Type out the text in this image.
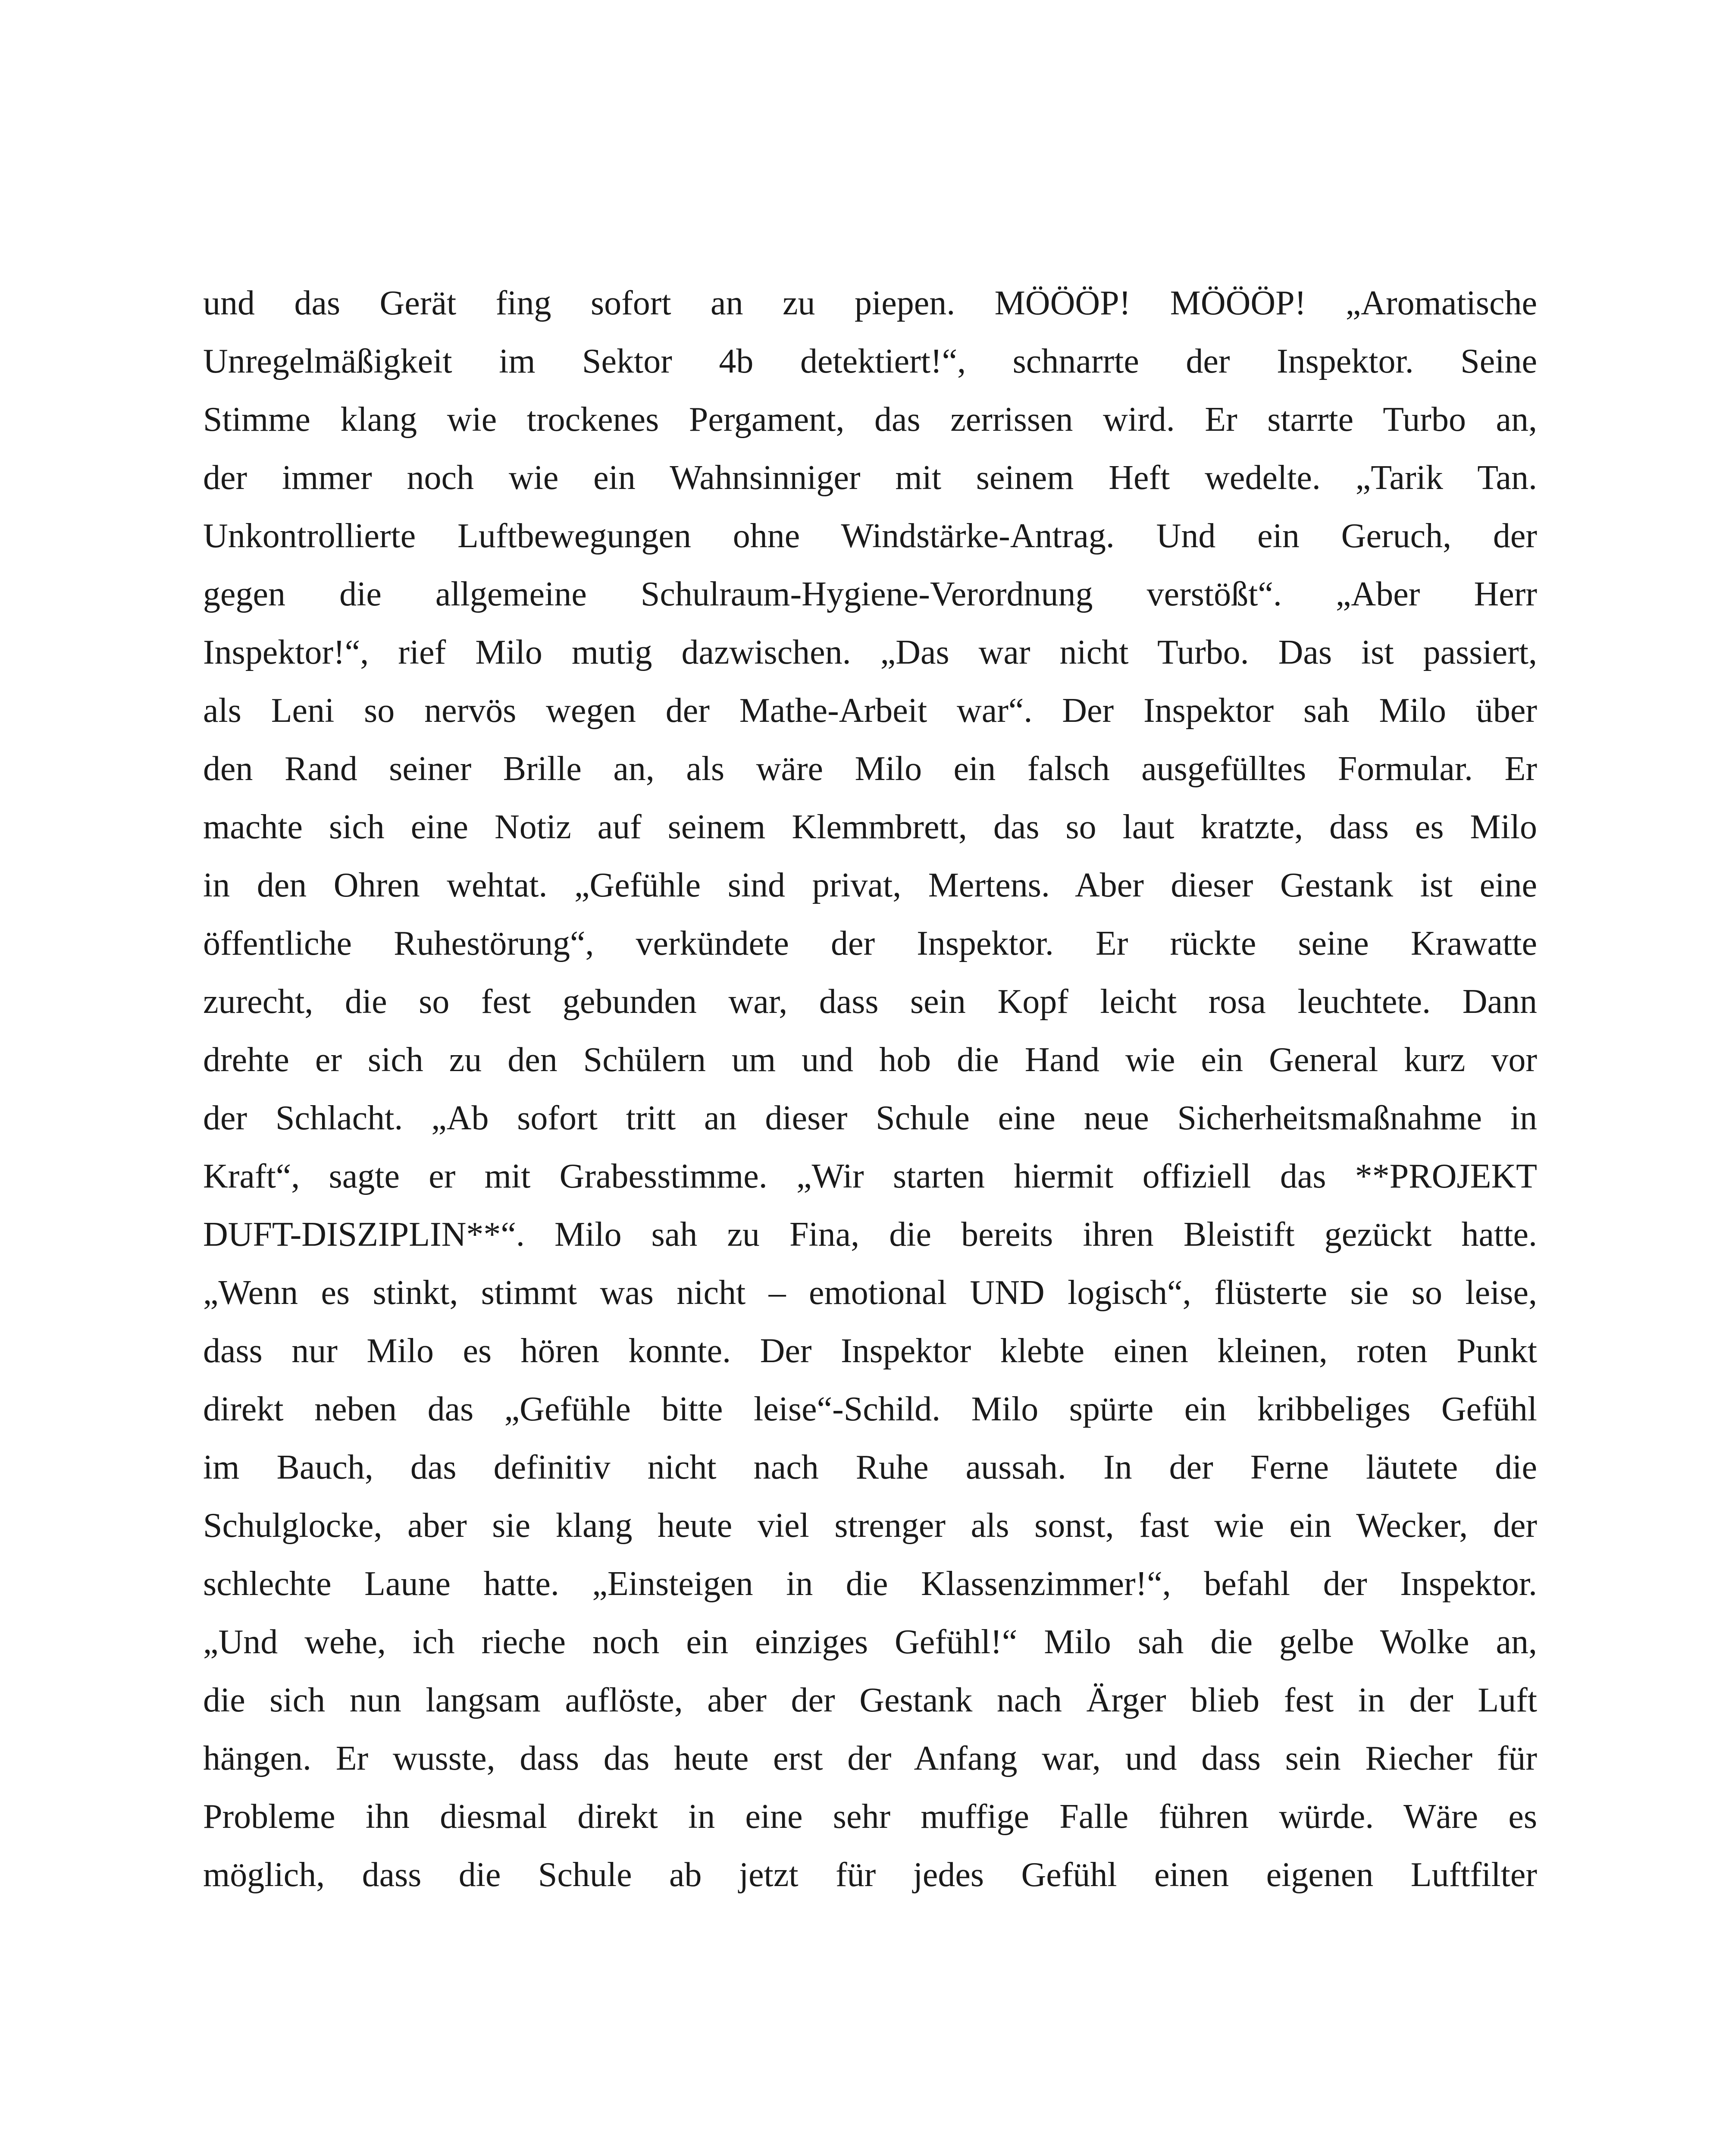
und das Gerät fing sofort an zu piepen. MÖÖÖP! MÖÖÖP! „Aromatische
Unregelmäßigkeit im Sektor 4b detektiert!“, schnarrte der Inspektor. Seine
Stimme klang wie trockenes Pergament, das zerrissen wird. Er starrte Turbo an,
der immer noch wie ein Wahnsinniger mit seinem Heft wedelte. „Tarik Tan.
Unkontrollierte Luftbewegungen ohne Windstärke-Antrag. Und ein Geruch, der
gegen die allgemeine Schulraum-Hygiene-Verordnung verstößt“. „Aber Herr
Inspektor!“, rief Milo mutig dazwischen. „Das war nicht Turbo. Das ist passiert,
als Leni so nervös wegen der Mathe-Arbeit war“. Der Inspektor sah Milo über
den Rand seiner Brille an, als wäre Milo ein falsch ausgefülltes Formular. Er
machte sich eine Notiz auf seinem Klemmbrett, das so laut kratzte, dass es Milo
in den Ohren wehtat. „Gefühle sind privat, Mertens. Aber dieser Gestank ist eine
öffentliche Ruhestörung“, verkündete der Inspektor. Er rückte seine Krawatte
zurecht, die so fest gebunden war, dass sein Kopf leicht rosa leuchtete. Dann
drehte er sich zu den Schülern um und hob die Hand wie ein General kurz vor
der Schlacht. „Ab sofort tritt an dieser Schule eine neue Sicherheitsmaßnahme in
Kraft“, sagte er mit Grabesstimme. „Wir starten hiermit offiziell das **PROJEKT
DUFT-DISZIPLIN**“. Milo sah zu Fina, die bereits ihren Bleistift gezückt hatte.
„Wenn es stinkt, stimmt was nicht – emotional UND logisch“, flüsterte sie so leise,
dass nur Milo es hören konnte. Der Inspektor klebte einen kleinen, roten Punkt
direkt neben das „Gefühle bitte leise“-Schild. Milo spürte ein kribbeliges Gefühl
im Bauch, das definitiv nicht nach Ruhe aussah. In der Ferne läutete die
Schulglocke, aber sie klang heute viel strenger als sonst, fast wie ein Wecker, der
schlechte Laune hatte. „Einsteigen in die Klassenzimmer!“, befahl der Inspektor.
„Und wehe, ich rieche noch ein einziges Gefühl!“ Milo sah die gelbe Wolke an,
die sich nun langsam auflöste, aber der Gestank nach Ärger blieb fest in der Luft
hängen. Er wusste, dass das heute erst der Anfang war, und dass sein Riecher für
Probleme ihn diesmal direkt in eine sehr muffige Falle führen würde. Wäre es
möglich, dass die Schule ab jetzt für jedes Gefühl einen eigenen Luftfilter
